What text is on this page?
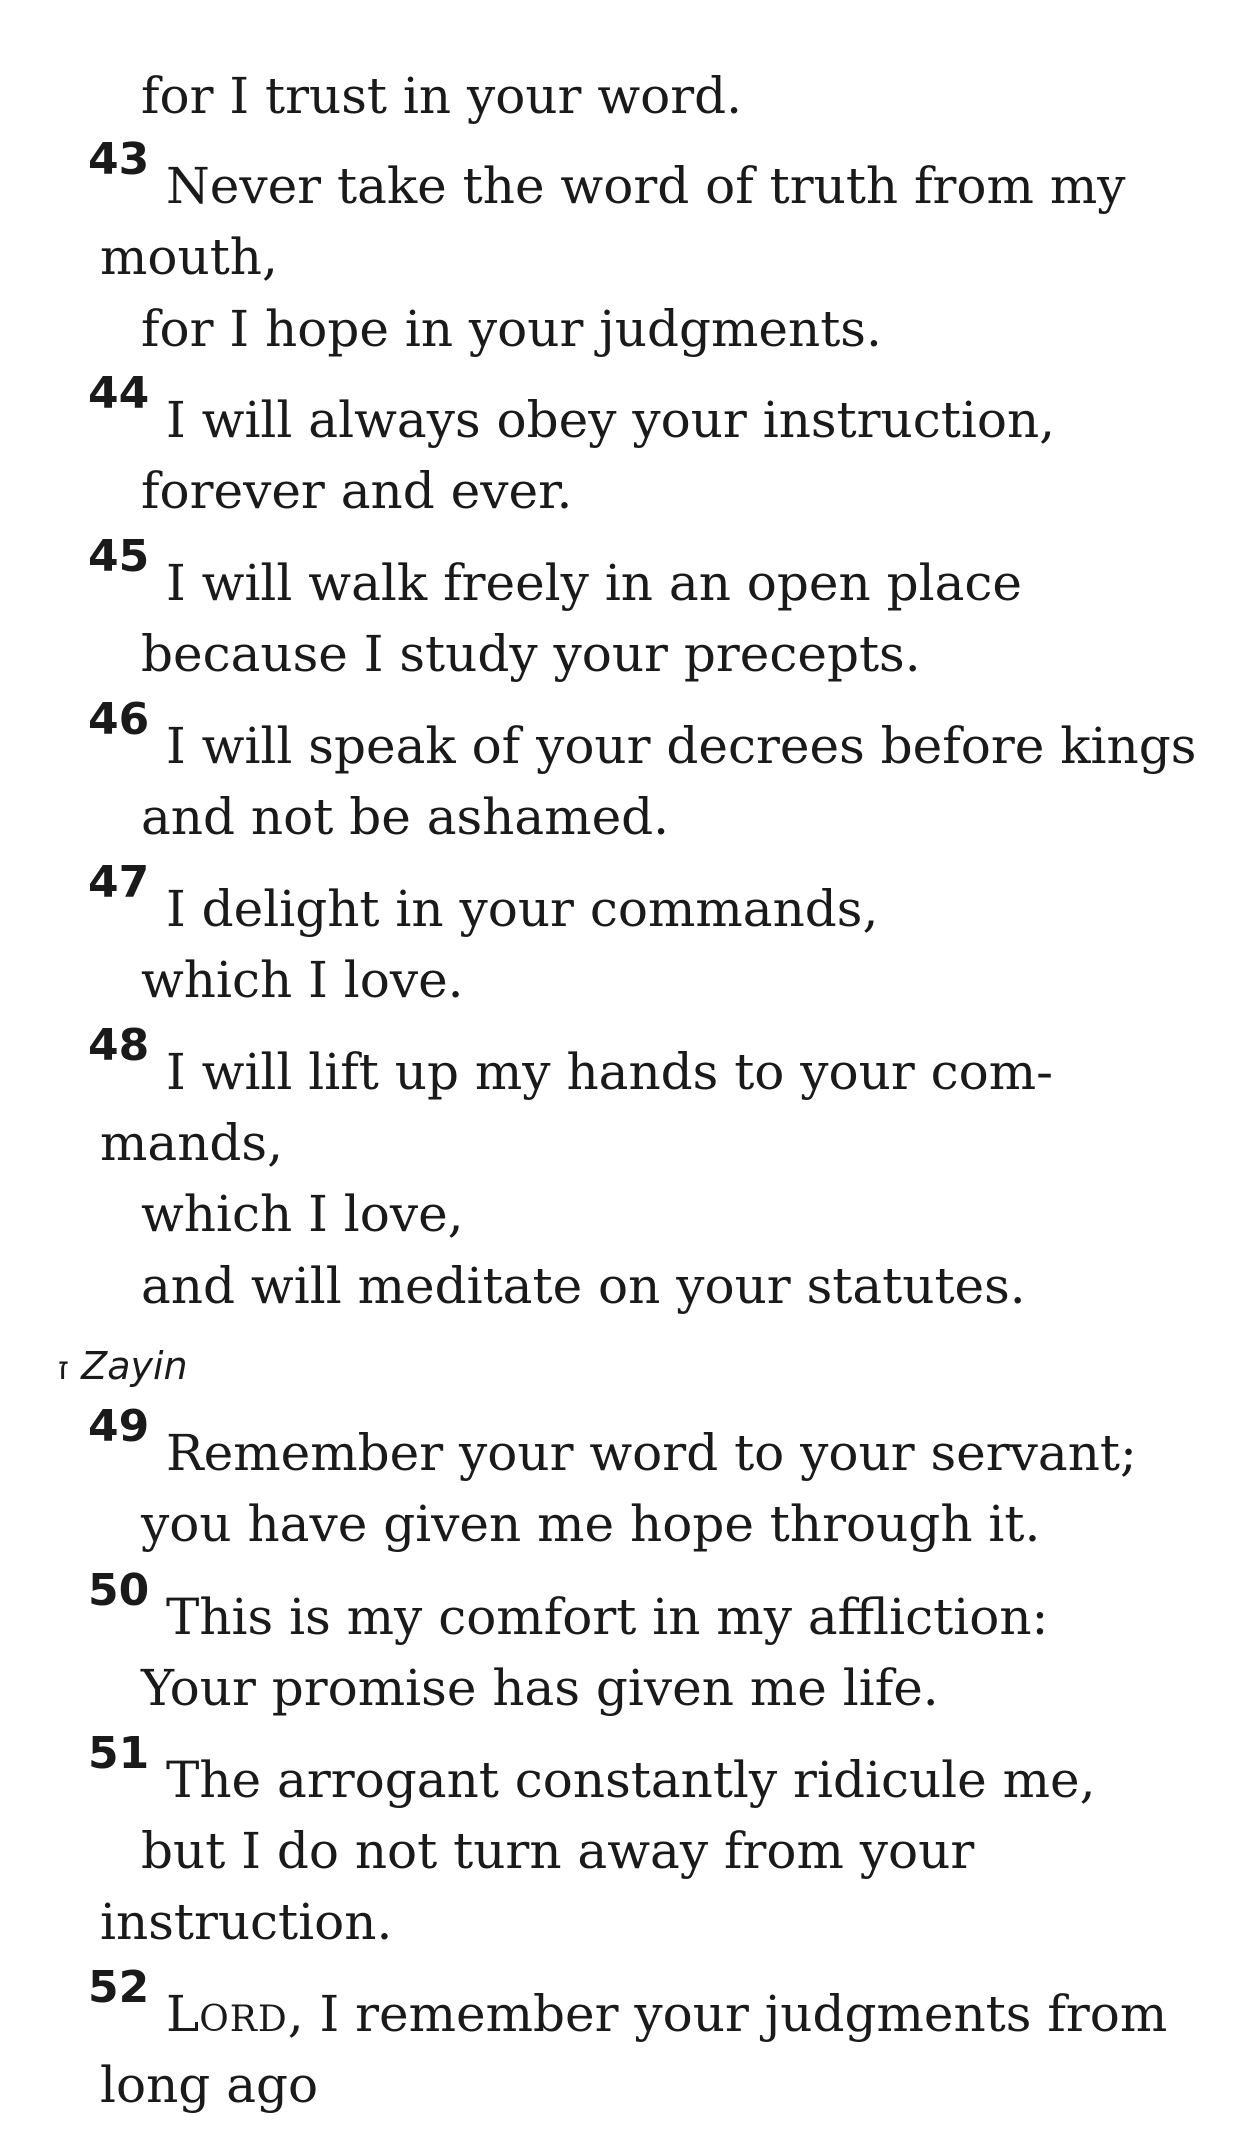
for I trust in your word.
43 Never take the word of truth from my
mouth,
for I hope in your judgments.
44 I will always obey your instruction,
forever and ever.
45 I will walk freely in an open place
because I study your precepts.
46 I will speak of your decrees before kings
and not be ashamed.
47 I delight in your commands,
which I love.
48 I will lift up my hands to your com-
mands,
which I love,
and will meditate on your statutes.
ז Zayin
49 Remember your word to your servant;
you have given me hope through it.
50 This is my comfort in my affliction:
Your promise has given me life.
51 The arrogant constantly ridicule me,
but I do not turn away from your
instruction.
52 LORD, I remember your judgments from
long ago
